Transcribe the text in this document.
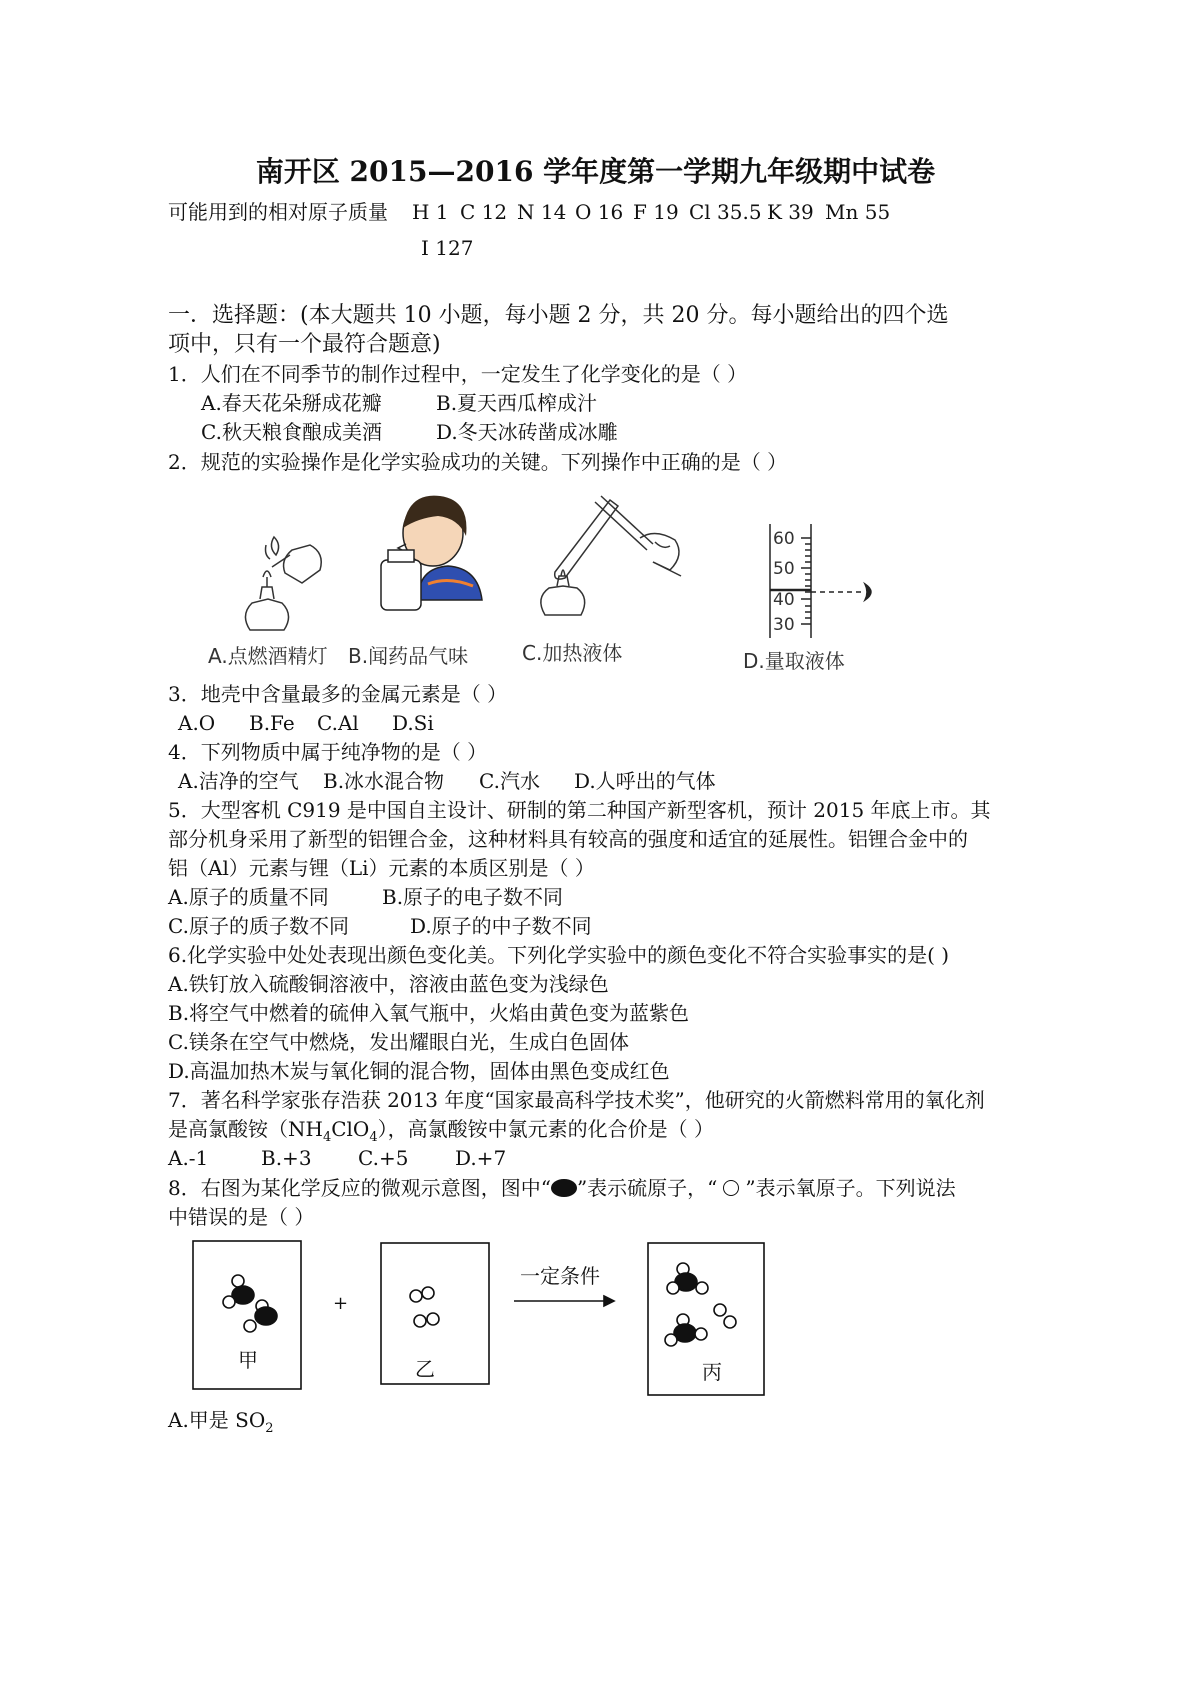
南开区 2015—2016 学年度第一学期九年级期中试卷
可能用到的相对原子质量 H 1 C 12 N 14 O 16 F 19 Cl 35.5 K 39 Mn 55
I 127
一．选择题：(本大题共 10 小题，每小题 2 分，共 20 分。每小题给出的四个选
项中，只有一个最符合题意)
1．人们在不同季节的制作过程中，一定发生了化学变化的是（ ）
A.春天花朵掰成花瓣	B.夏天西瓜榨成汁
C.秋天粮食酿成美酒	D.冬天冰砖凿成冰雕
2．规范的实验操作是化学实验成功的关键。下列操作中正确的是（ ）
A.点燃酒精灯 B.闻药品气味	C.加热液体
60
50
40
30
D.量取液体
3．地壳中含量最多的金属元素是（ ）
A.O B.Fe C.Al D.Si
4．下列物质中属于纯净物的是（ ）
A.洁净的空气 B.冰水混合物 C.汽水 D.人呼出的气体
5．大型客机 C919 是中国自主设计、研制的第二种国产新型客机，预计 2015 年底上市。其
部分机身采用了新型的铝锂合金，这种材料具有较高的强度和适宜的延展性。铝锂合金中的
铝（Al）元素与锂（Li）元素的本质区别是（ ）
A.原子的质量不同	B.原子的电子数不同
C.原子的质子数不同	D.原子的中子数不同
6.化学实验中处处表现出颜色变化美。下列化学实验中的颜色变化不符合实验事实的是( )
A.铁钉放入硫酸铜溶液中，溶液由蓝色变为浅绿色
B.将空气中燃着的硫伸入氧气瓶中，火焰由黄色变为蓝紫色
C.镁条在空气中燃烧，发出耀眼白光，生成白色固体
D.高温加热木炭与氧化铜的混合物，固体由黑色变成红色
7．著名科学家张存浩获 2013 年度“国家最高科学技术奖”，他研究的火箭燃料常用的氧化剂
是高氯酸铵$(NH_4ClO_4)$，高氯酸铵中氯元素的化合价是（ ）
A.-1	B.+3 C.+5 D.+7
8．右图为某化学反应的微观示意图，图中“ ”表示硫原子，“ ”表示氧原子。下列说法
中错误的是（ ）
甲	乙	丙
+
一定条件
A.甲是 $SO_2$
